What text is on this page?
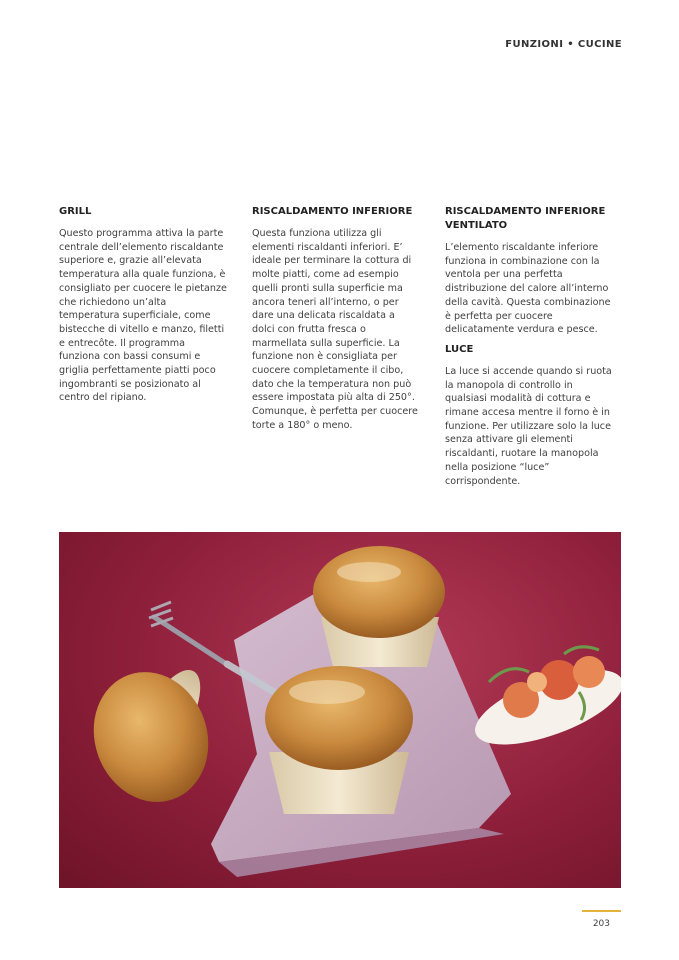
FUNZIONI • CUCINE
GRILL

Questo programma attiva la parte centrale dell’elemento riscaldante superiore e, grazie all’elevata temperatura alla quale funziona, è consigliato per cuocere le pietanze che richiedono un’alta temperatura superficiale, come bistecche di vitello e manzo, filetti e entrecôte. Il programma funziona con bassi consumi e griglia perfettamente piatti poco ingombranti se posizionato al centro del ripiano.

RISCALDAMENTO INFERIORE

Questa funziona utilizza gli elementi riscaldanti inferiori. E’ ideale per terminare la cottura di molte piatti, come ad esempio quelli pronti sulla superficie ma ancora teneri all’interno, o per dare una delicata riscaldata a dolci con frutta fresca o marmellata sulla superficie. La funzione non è consigliata per cuocere completamente il cibo, dato che la temperatura non può essere impostata più alta di 250°. Comunque, è perfetta per cuocere torte a 180° o meno.

RISCALDAMENTO INFERIORE VENTILATO

L’elemento riscaldante inferiore funziona in combinazione con la ventola per una perfetta distribuzione del calore all’interno della cavità. Questa combinazione è perfetta per cuocere delicatamente verdura e pesce.

LUCE

La luce si accende quando si ruota la manopola di controllo in qualsiasi modalità di cottura e rimane accesa mentre il forno è in funzione. Per utilizzare solo la luce senza attivare gli elementi riscaldanti, ruotare la manopola nella posizione “luce” corrispondente.

203
